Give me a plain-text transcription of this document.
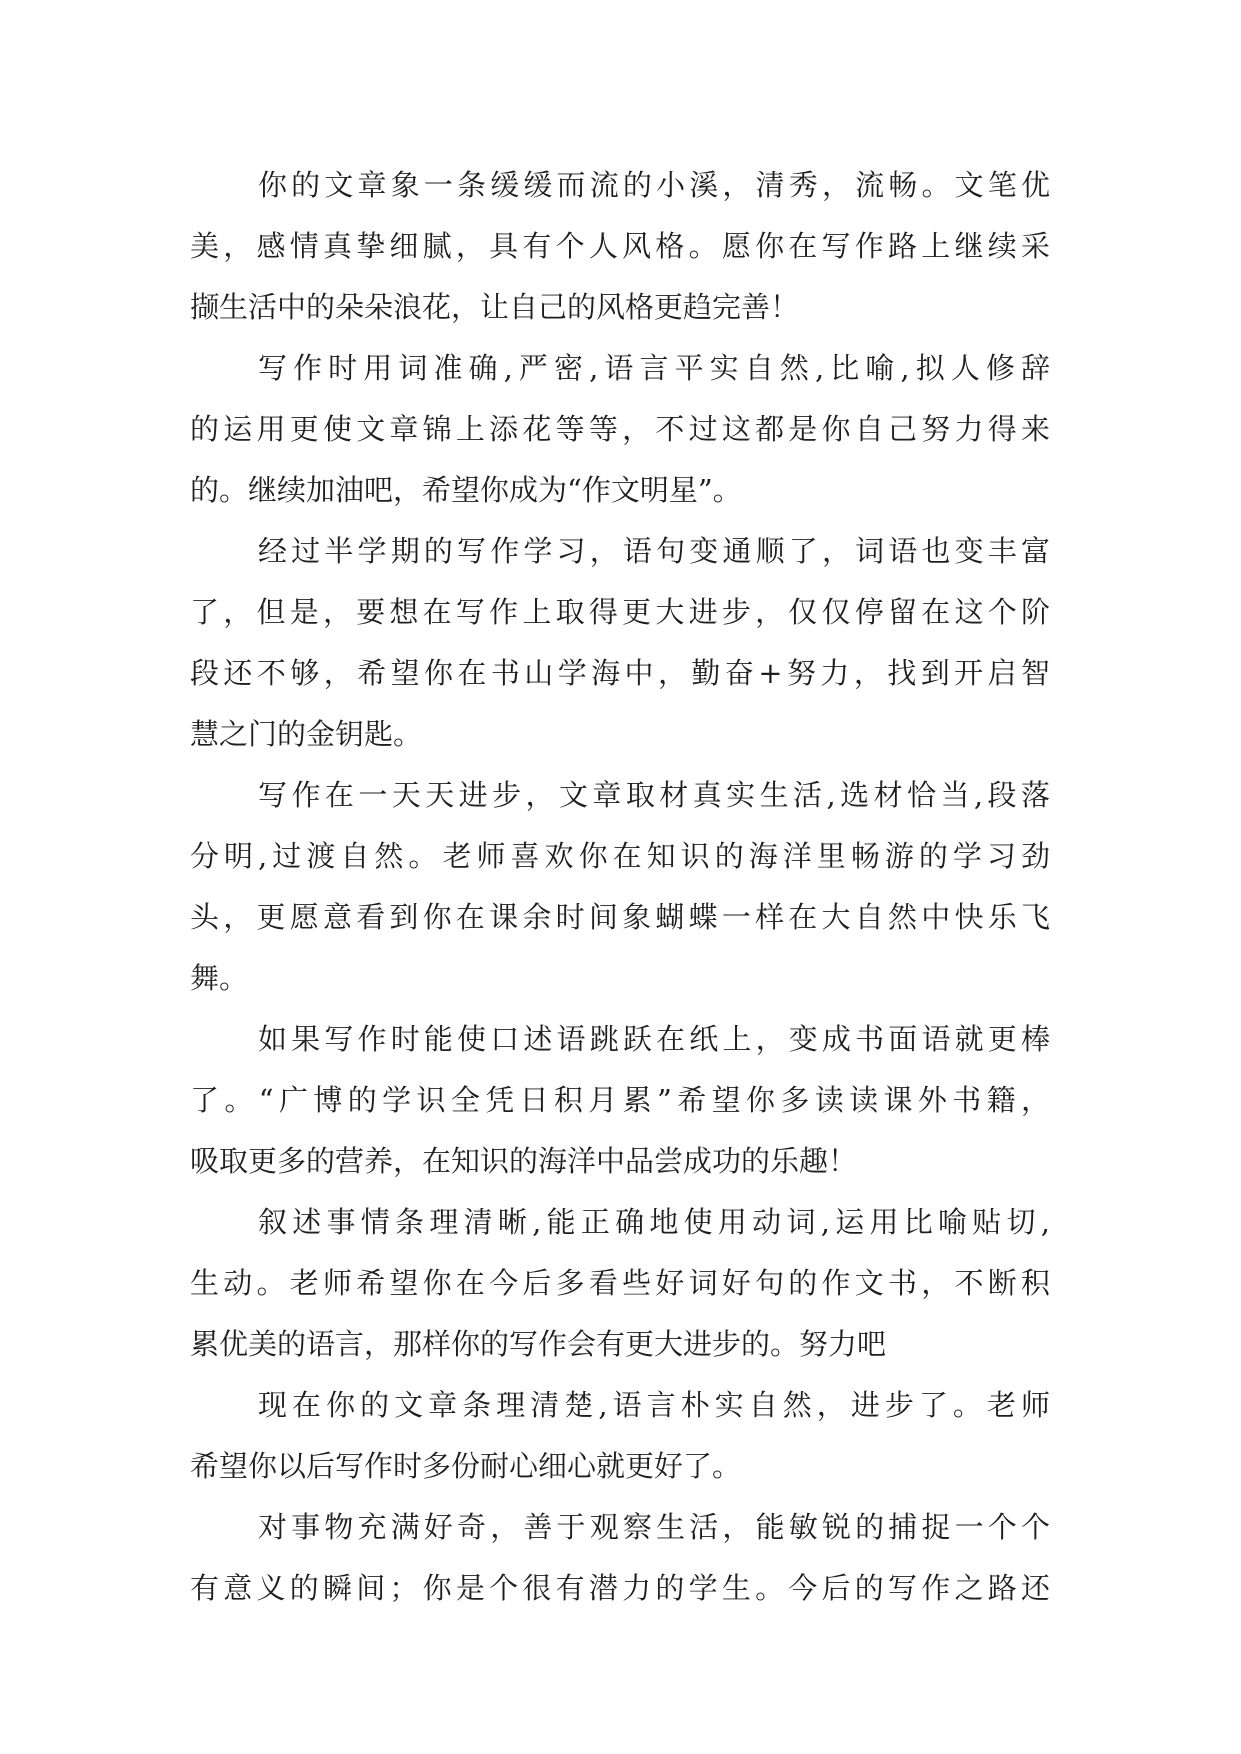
你的文章象一条缓缓而流的小溪，清秀，流畅。文笔优
美，感情真挚细腻，具有个人风格。愿你在写作路上继续采
撷生活中的朵朵浪花，让自己的风格更趋完善！
写作时用词准确,严密,语言平实自然,比喻,拟人修辞
的运用更使文章锦上添花等等，不过这都是你自己努力得来
的。继续加油吧，希望你成为“作文明星”。
经过半学期的写作学习，语句变通顺了，词语也变丰富
了，但是，要想在写作上取得更大进步，仅仅停留在这个阶
段还不够，希望你在书山学海中，勤奋+努力，找到开启智
慧之门的金钥匙。
写作在一天天进步，文章取材真实生活,选材恰当,段落
分明,过渡自然。老师喜欢你在知识的海洋里畅游的学习劲
头，更愿意看到你在课余时间象蝴蝶一样在大自然中快乐飞
舞。
如果写作时能使口述语跳跃在纸上，变成书面语就更棒
了。“广博的学识全凭日积月累”希望你多读读课外书籍，
吸取更多的营养，在知识的海洋中品尝成功的乐趣！
叙述事情条理清晰,能正确地使用动词,运用比喻贴切,
生动。老师希望你在今后多看些好词好句的作文书，不断积
累优美的语言，那样你的写作会有更大进步的。努力吧
现在你的文章条理清楚,语言朴实自然，进步了。老师
希望你以后写作时多份耐心细心就更好了。
对事物充满好奇，善于观察生活，能敏锐的捕捉一个个
有意义的瞬间；你是个很有潜力的学生。今后的写作之路还
